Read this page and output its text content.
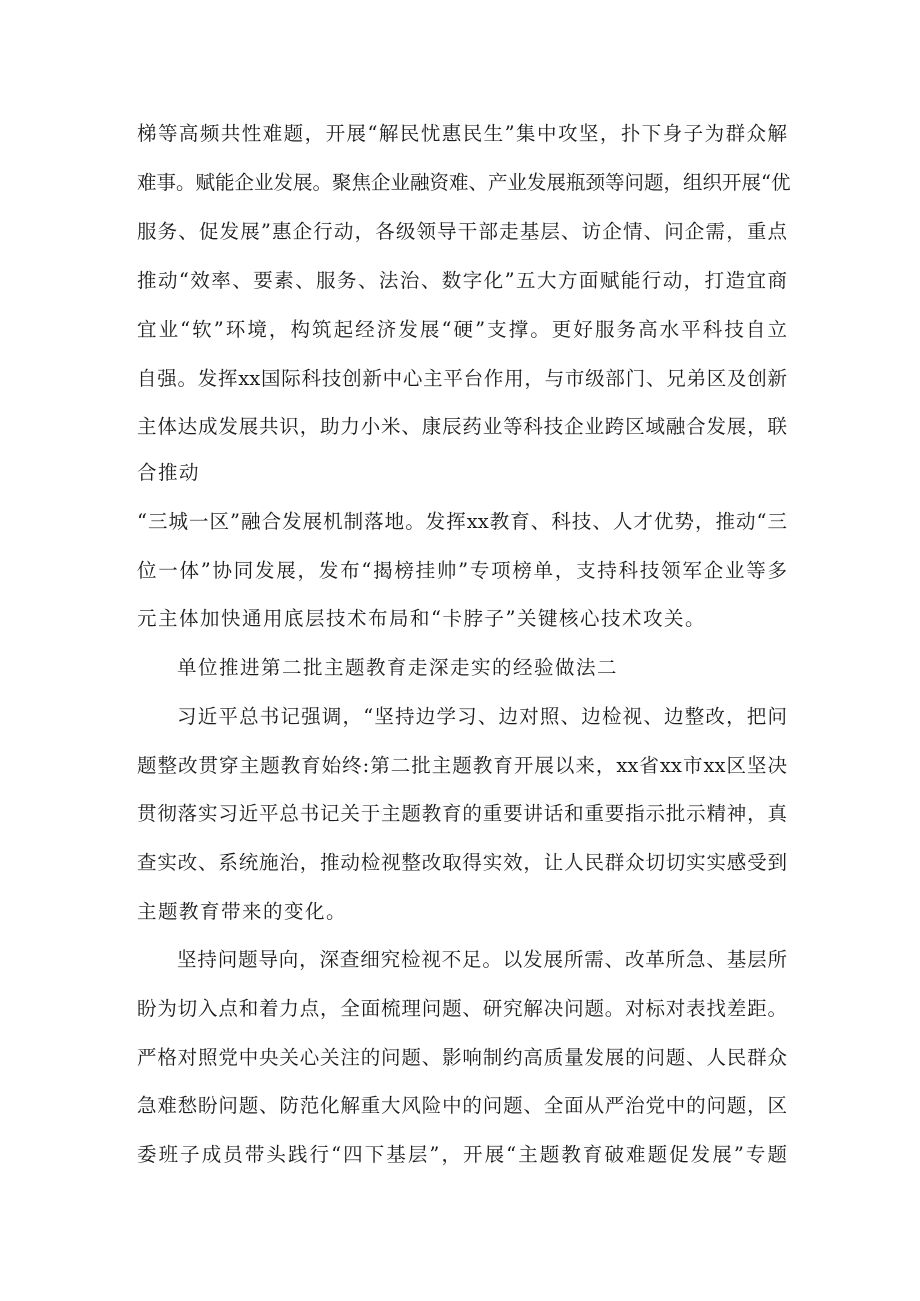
梯等高频共性难题，开展“解民忧惠民生”集中攻坚，扑下身子为群众解
难事。赋能企业发展。聚焦企业融资难、产业发展瓶颈等问题，组织开展“优
服务、促发展”惠企行动，各级领导干部走基层、访企情、问企需，重点
推动“效率、要素、服务、法治、数字化”五大方面赋能行动，打造宜商
宜业“软”环境，构筑起经济发展“硬”支撑。更好服务高水平科技自立
自强。发挥xx国际科技创新中心主平台作用，与市级部门、兄弟区及创新
主体达成发展共识，助力小米、康辰药业等科技企业跨区域融合发展，联
合推动
“三城一区”融合发展机制落地。发挥xx教育、科技、人才优势，推动“三
位一体”协同发展，发布“揭榜挂帅”专项榜单，支持科技领军企业等多
元主体加快通用底层技术布局和“卡脖子”关键核心技术攻关。
单位推进第二批主题教育走深走实的经验做法二
习近平总书记强调，“坚持边学习、边对照、边检视、边整改，把问
题整改贯穿主题教育始终:第二批主题教育开展以来，xx省xx市xx区坚决
贯彻落实习近平总书记关于主题教育的重要讲话和重要指示批示精神，真
查实改、系统施治，推动检视整改取得实效，让人民群众切切实实感受到
主题教育带来的变化。
坚持问题导向，深查细究检视不足。以发展所需、改革所急、基层所
盼为切入点和着力点，全面梳理问题、研究解决问题。对标对表找差距。
严格对照党中央关心关注的问题、影响制约高质量发展的问题、人民群众
急难愁盼问题、防范化解重大风险中的问题、全面从严治党中的问题，区
委班子成员带头践行“四下基层”，开展“主题教育破难题促发展”专题
